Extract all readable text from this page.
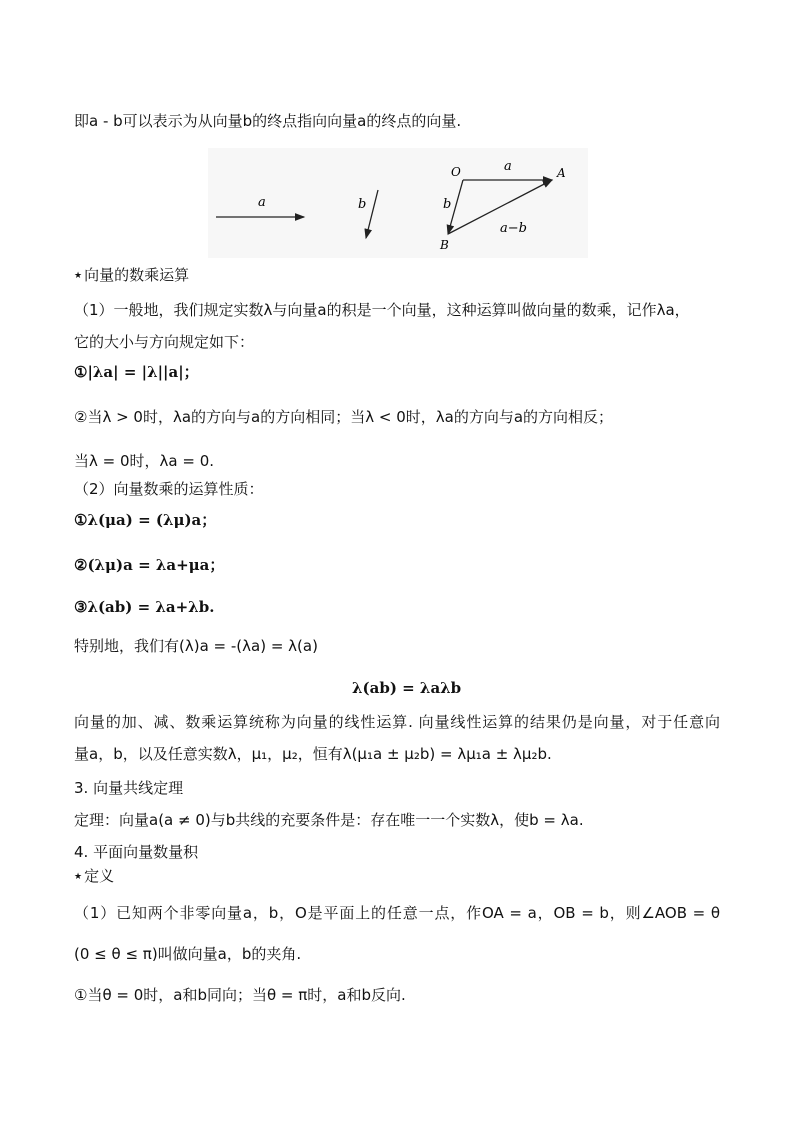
即a - b可以表示为从向量b的终点指向向量a的终点的向量.
a	b
O	A
B
a
b
a−b
★ 向量的数乘运算
（1）一般地，我们规定实数λ与向量a的积是一个向量，这种运算叫做向量的数乘，记作λa，
它的大小与方向规定如下：
①|λa| = |λ||a|；
②当λ > 0时，λa的方向与a的方向相同；当λ < 0时，λa的方向与a的方向相反；
当λ = 0时，λa = 0.
（2）向量数乘的运算性质：
①λ(μa) = (λμ)a；
②(λμ)a = λa+μa；
③λ(ab) = λa+λb.
特别地，我们有(λ)a = -(λa) = λ(a)
λ(ab) = λaλb
向量的加、减、数乘运算统称为向量的线性运算. 向量线性运算的结果仍是向量，对于任意向
量a，b，以及任意实数λ，μ₁，μ₂，恒有λ(μ₁a ± μ₂b) = λμ₁a ± λμ₂b.
3. 向量共线定理
定理：向量a(a ≠ 0)与b共线的充要条件是：存在唯一一个实数λ，使b = λa.
4. 平面向量数量积
★ 定义
（1）已知两个非零向量a，b，O是平面上的任意一点，作OA = a，OB = b，则∠AOB = θ
(0 ≤ θ ≤ π)叫做向量a，b的夹角.
①当θ = 0时，a和b同向；当θ = π时，a和b反向.
